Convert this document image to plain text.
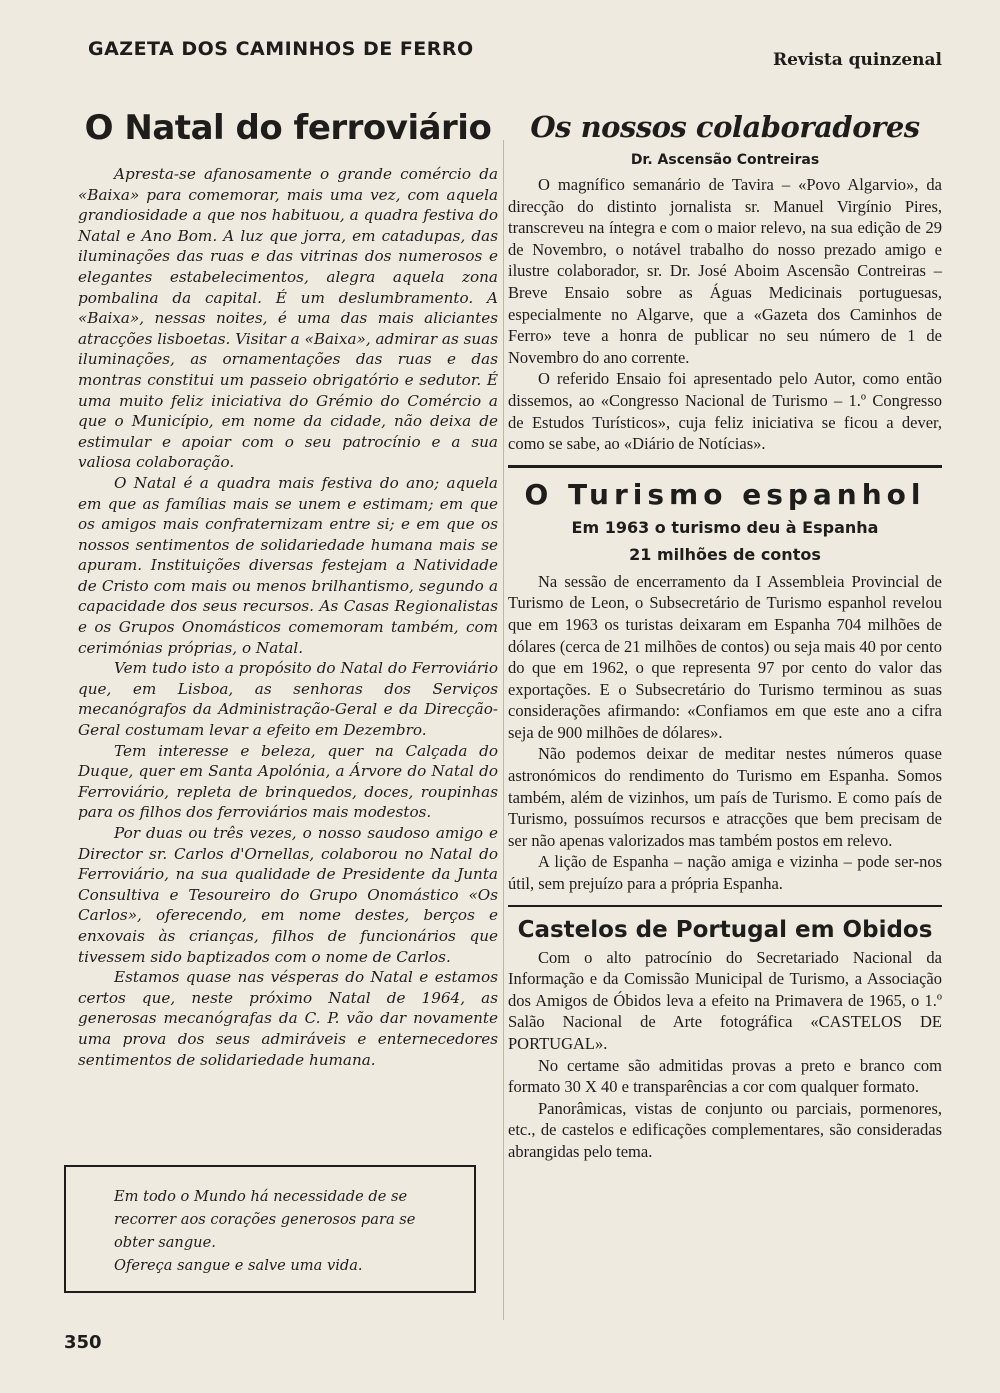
GAZETA DOS CAMINHOS DE FERRO	Revista quinzenal
O Natal do ferroviário

Apresta-se afanosamente o grande comércio da «Baixa» para comemorar, mais uma vez, com aquela grandiosidade a que nos habituou, a quadra festiva do Natal e Ano Bom. A luz que jorra, em catadupas, das iluminações das ruas e das vitrinas dos numerosos e elegantes estabelecimentos, alegra aquela zona pombalina da capital. É um deslumbramento. A «Baixa», nessas noites, é uma das mais aliciantes atracções lisboetas. Visitar a «Baixa», admirar as suas iluminações, as ornamentações das ruas e das montras constitui um passeio obrigatório e sedutor. É uma muito feliz iniciativa do Grémio do Comércio a que o Município, em nome da cidade, não deixa de estimular e apoiar com o seu patrocínio e a sua valiosa colaboração.

O Natal é a quadra mais festiva do ano; aquela em que as famílias mais se unem e estimam; em que os amigos mais confraternizam entre si; e em que os nossos sentimentos de solidariedade humana mais se apuram. Instituições diversas festejam a Natividade de Cristo com mais ou menos brilhantismo, segundo a capacidade dos seus recursos. As Casas Regionalistas e os Grupos Onomásticos comemoram também, com cerimónias próprias, o Natal.

Vem tudo isto a propósito do Natal do Ferroviário que, em Lisboa, as senhoras dos Serviços mecanógrafos da Administração-Geral e da Direcção-Geral costumam levar a efeito em Dezembro.

Tem interesse e beleza, quer na Calçada do Duque, quer em Santa Apolónia, a Árvore do Natal do Ferroviário, repleta de brinquedos, doces, roupinhas para os filhos dos ferroviários mais modestos.

Por duas ou três vezes, o nosso saudoso amigo e Director sr. Carlos d'Ornellas, colaborou no Natal do Ferroviário, na sua qualidade de Presidente da Junta Consultiva e Tesoureiro do Grupo Onomástico «Os Carlos», oferecendo, em nome destes, berços e enxovais às crianças, filhos de funcionários que tivessem sido baptizados com o nome de Carlos.

Estamos quase nas vésperas do Natal e estamos certos que, neste próximo Natal de 1964, as generosas mecanógrafas da C. P. vão dar novamente uma prova dos seus admiráveis e enternecedores sentimentos de solidariedade humana.

Em todo o Mundo há necessidade de se recorrer aos corações generosos para se obter sangue.

Ofereça sangue e salve uma vida.

350
Os nossos colaboradores
Dr. Ascensão Contreiras

O magnífico semanário de Tavira – «Povo Algarvio», da direcção do distinto jornalista sr. Manuel Virgínio Pires, transcreveu na íntegra e com o maior relevo, na sua edição de 29 de Novembro, o notável trabalho do nosso prezado amigo e ilustre colaborador, sr. Dr. José Aboim Ascensão Contreiras – Breve Ensaio sobre as Águas Medicinais portuguesas, especialmente no Algarve, que a «Gazeta dos Caminhos de Ferro» teve a honra de publicar no seu número de 1 de Novembro do ano corrente.

O referido Ensaio foi apresentado pelo Autor, como então dissemos, ao «Congresso Nacional de Turismo – 1.º Congresso de Estudos Turísticos», cuja feliz iniciativa se ficou a dever, como se sabe, ao «Diário de Notícias».

O Turismo espanhol
Em 1963 o turismo deu à Espanha
21 milhões de contos

Na sessão de encerramento da I Assembleia Provincial de Turismo de Leon, o Subsecretário de Turismo espanhol revelou que em 1963 os turistas deixaram em Espanha 704 milhões de dólares (cerca de 21 milhões de contos) ou seja mais 40 por cento do que em 1962, o que representa 97 por cento do valor das exportações. E o Subsecretário do Turismo terminou as suas considerações afirmando: «Confiamos em que este ano a cifra seja de 900 milhões de dólares».

Não podemos deixar de meditar nestes números quase astronómicos do rendimento do Turismo em Espanha. Somos também, além de vizinhos, um país de Turismo. E como país de Turismo, possuímos recursos e atracções que bem precisam de ser não apenas valorizados mas também postos em relevo.

A lição de Espanha – nação amiga e vizinha – pode ser-nos útil, sem prejuízo para a própria Espanha.

Castelos de Portugal em Obidos

Com o alto patrocínio do Secretariado Nacional da Informação e da Comissão Municipal de Turismo, a Associação dos Amigos de Óbidos leva a efeito na Primavera de 1965, o 1.º Salão Nacional de Arte fotográfica «CASTELOS DE PORTUGAL».

No certame são admitidas provas a preto e branco com formato 30 X 40 e transparências a cor com qualquer formato.

Panorâmicas, vistas de conjunto ou parciais, pormenores, etc., de castelos e edificações complementares, são consideradas abrangidas pelo tema.
